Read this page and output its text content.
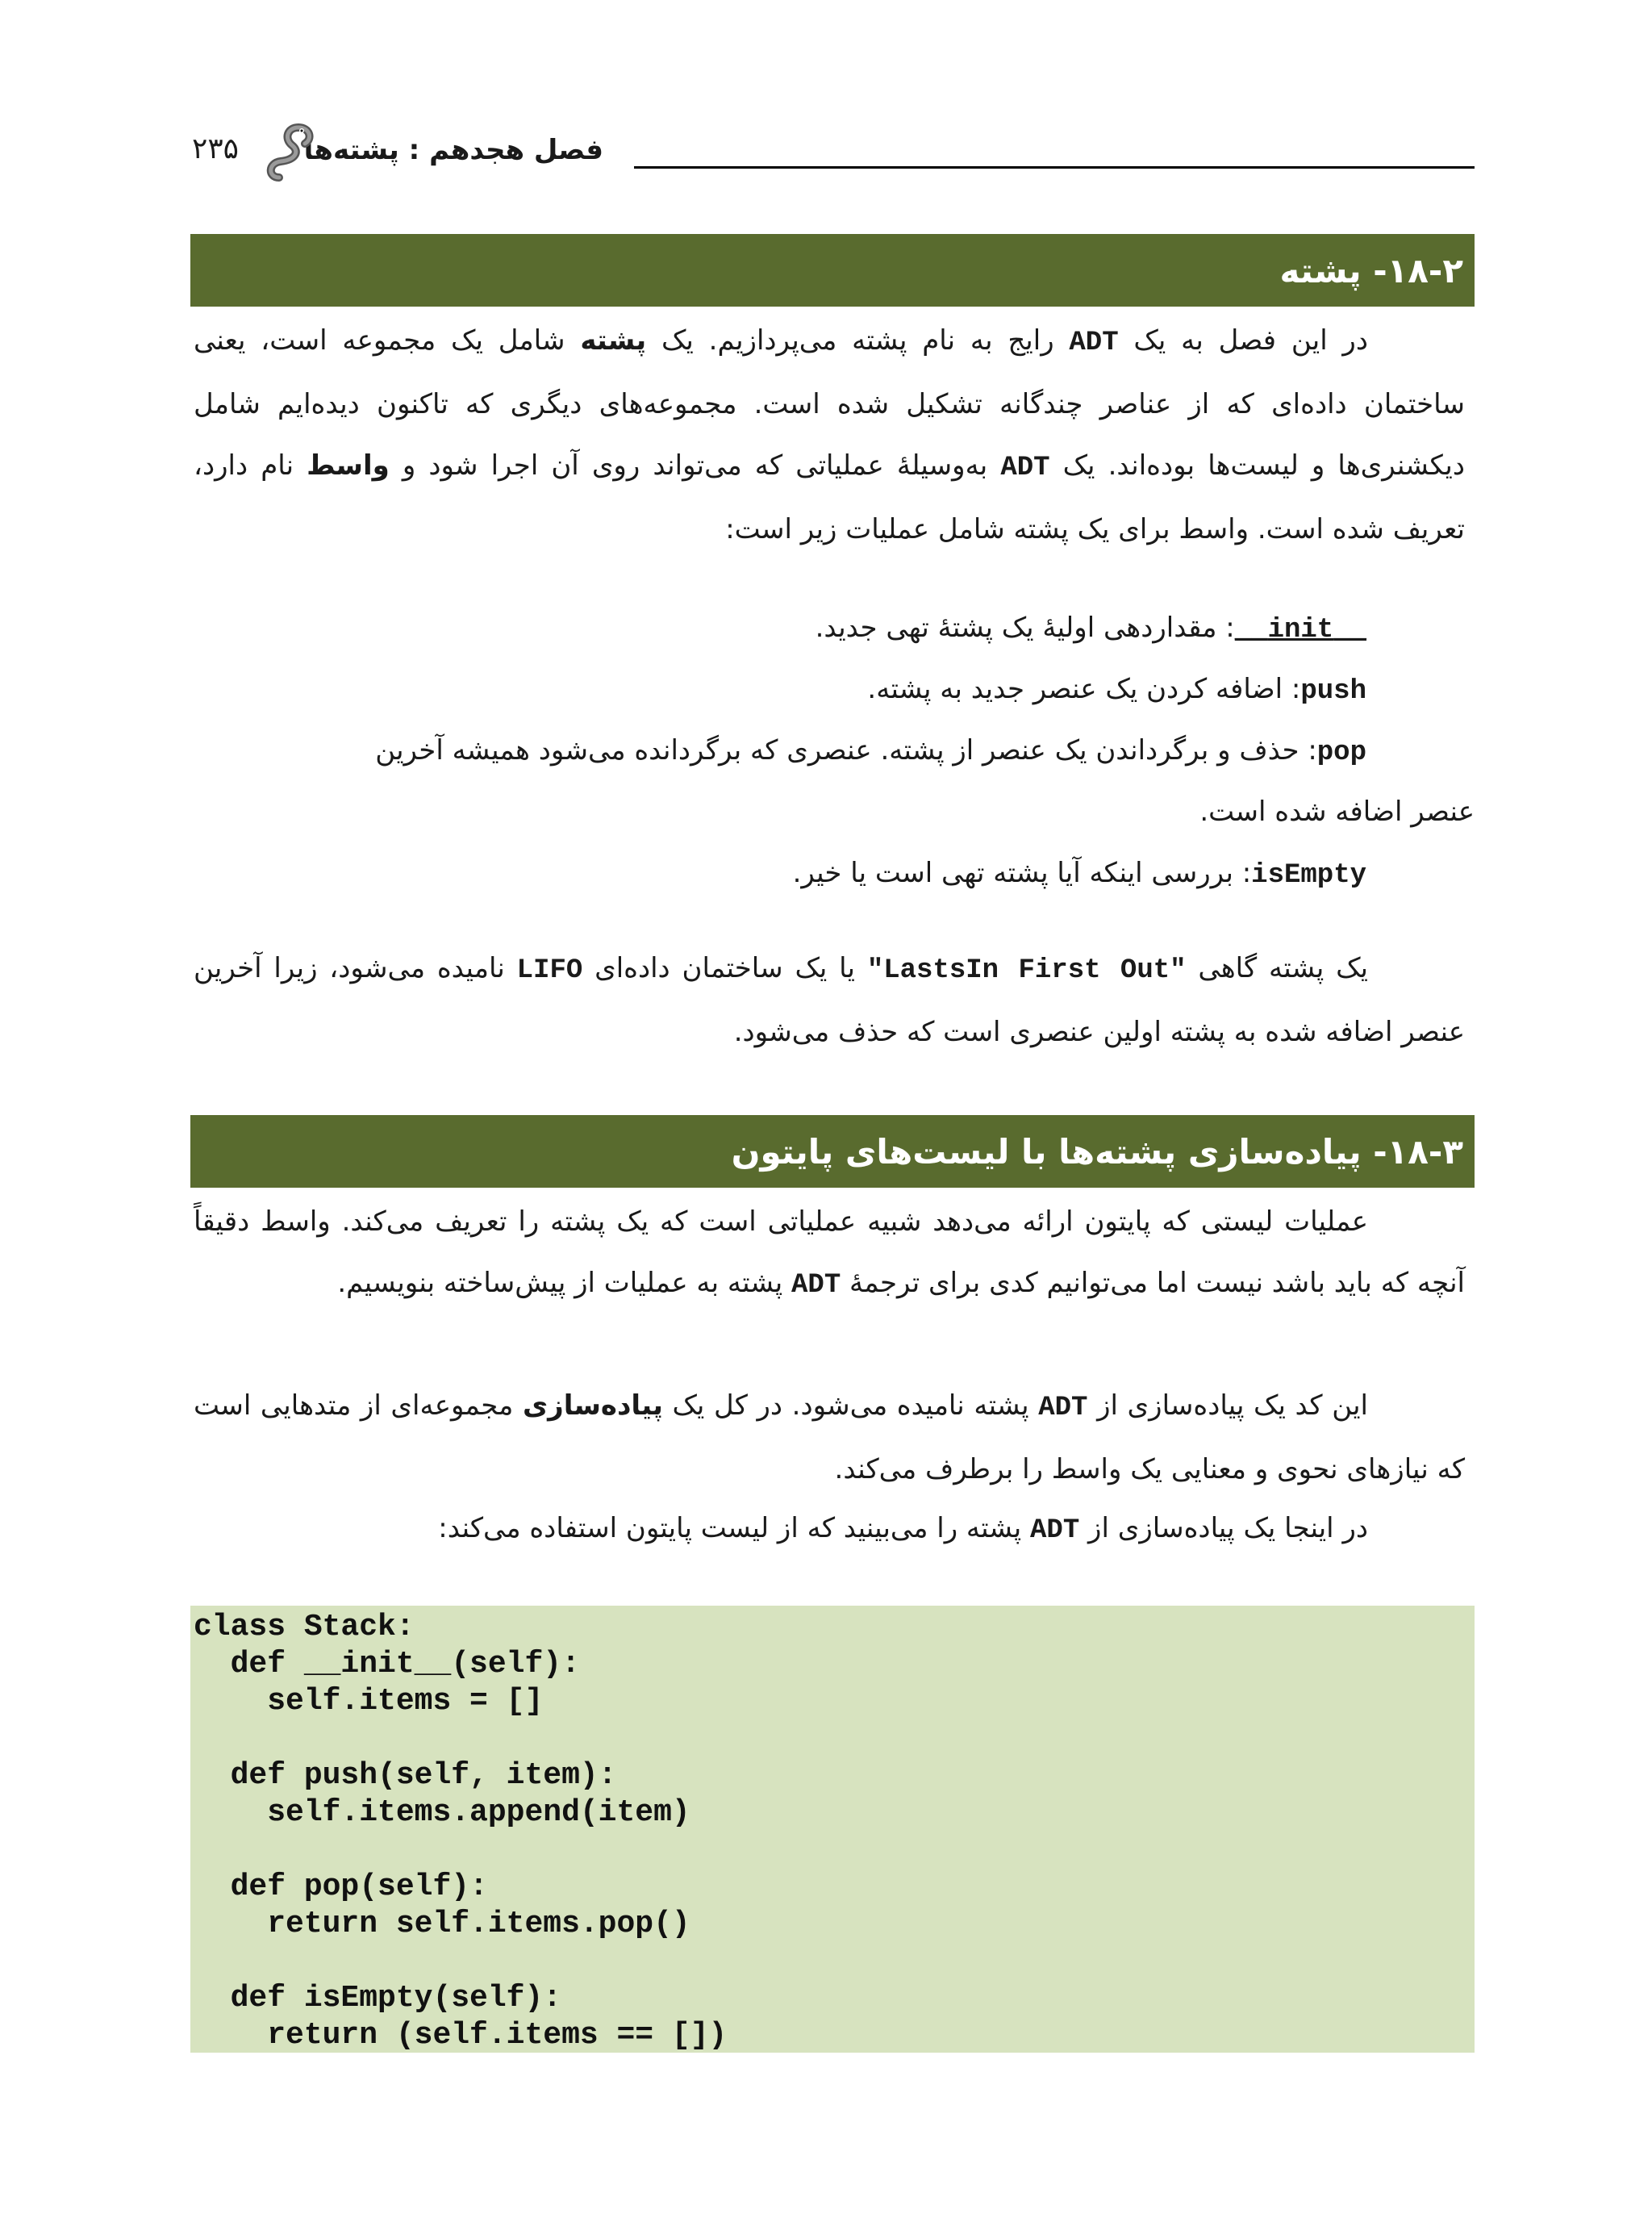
فصل هجدهم : پشته‌ها
۲۳۵
۱۸-۲- پشته
در این فصل به یک ADT رایج به نام پشته می‌پردازیم. یک پشته شامل یک مجموعه است، یعنی ساختمان داده‌ای که از عناصر چندگانه تشکیل شده است. مجموعه‌های دیگری که تاکنون دیده‌ایم شامل دیکشنری‌ها و لیست‌ها بوده‌اند. یک ADT به‌وسیلهٔ عملیاتی که می‌تواند روی آن اجرا شود و واسط نام دارد، تعریف شده است. واسط برای یک پشته شامل عملیات زیر است:
__init__: مقداردهی اولیهٔ یک پشتهٔ تهی جدید.
push: اضافه کردن یک عنصر جدید به پشته.
pop: حذف و برگرداندن یک عنصر از پشته. عنصری که برگردانده می‌شود همیشه آخرین
عنصر اضافه شده است.
isEmpty: بررسی اینکه آیا پشته تهی است یا خیر.
یک پشته گاهی "LastsIn First Out" یا یک ساختمان داده‌ای LIFO نامیده می‌شود، زیرا آخرین عنصر اضافه شده به پشته اولین عنصری است که حذف می‌شود.
۱۸-۳- پیاده‌سازی پشته‌ها با لیست‌های پایتون
عملیات لیستی که پایتون ارائه می‌دهد شبیه عملیاتی است که یک پشته را تعریف می‌کند. واسط دقیقاً آنچه که باید باشد نیست اما می‌توانیم کدی برای ترجمهٔ ADT پشته به عملیات از پیش‌ساخته بنویسیم.
این کد یک پیاده‌سازی از ADT پشته نامیده می‌شود. در کل یک پیاده‌سازی مجموعه‌ای از متدهایی است که نیازهای نحوی و معنایی یک واسط را برطرف می‌کند.
در اینجا یک پیاده‌سازی از ADT پشته را می‌بینید که از لیست پایتون استفاده می‌کند:
class Stack:
def __init__(self):
self.items = []
def push(self, item):
self.items.append(item)
def pop(self):
return self.items.pop()
def isEmpty(self):
return (self.items == [])
